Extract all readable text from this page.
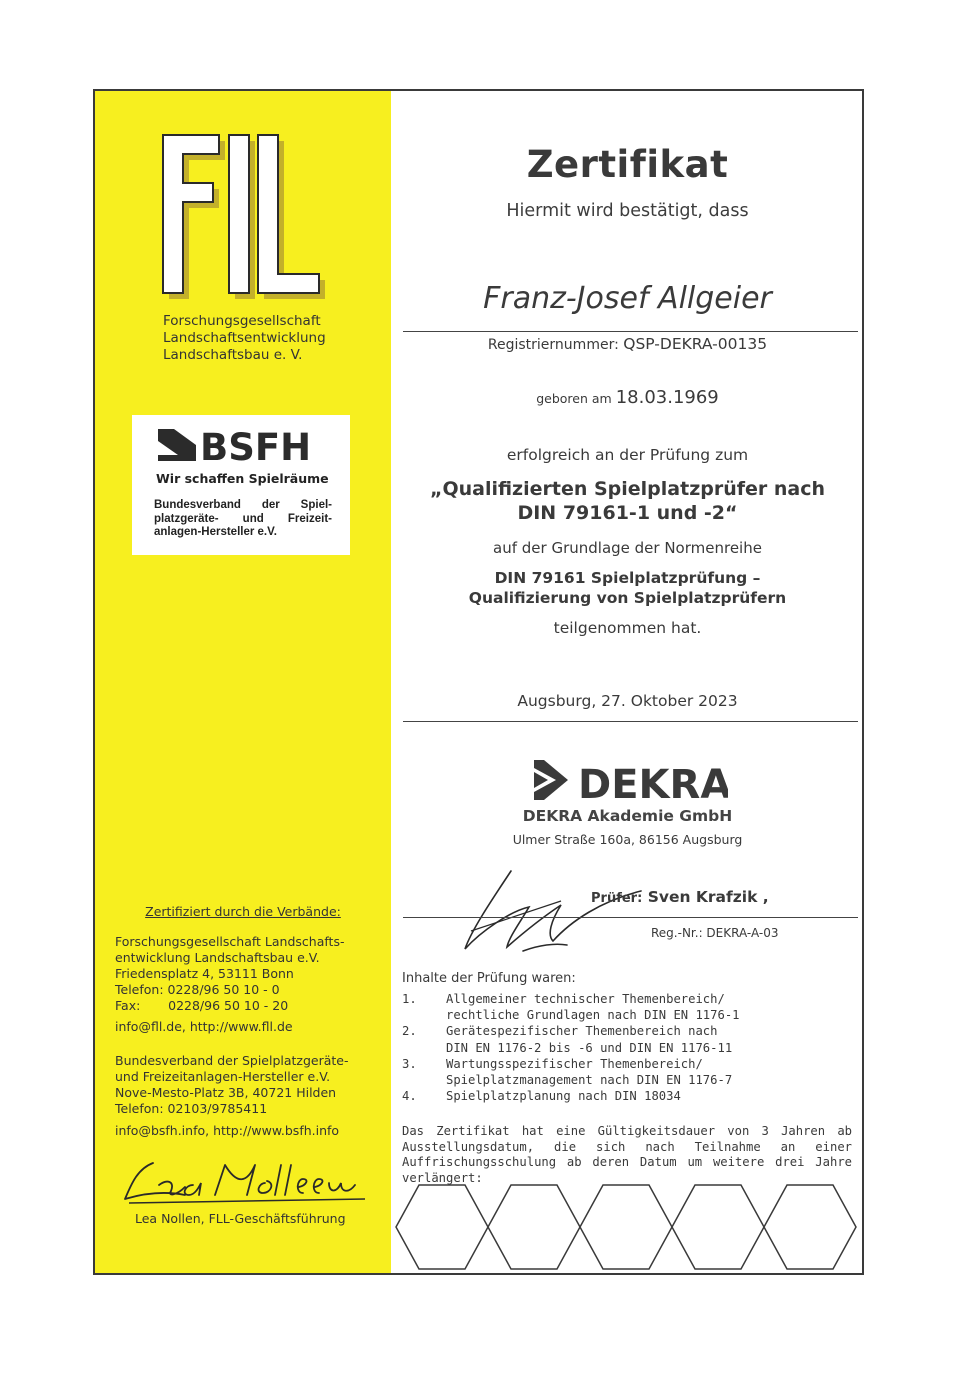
Forschungsgesellschaft
Landschaftsentwicklung
Landschaftsbau e. V.
BSFH
Wir schaffen Spielräume
Bundesverband der Spiel-platzgeräte- und Freizeit-anlagen-Hersteller e.V.
Zertifiziert durch die Verbände:
Forschungsgesellschaft Landschafts-
entwicklung Landschaftsbau e.V.
Friedensplatz 4, 53111 Bonn
Telefon: 0228/96 50 10 - 0
Fax:       0228/96 50 10 - 20
info@fll.de, http://www.fll.de
Bundesverband der Spielplatzgeräte-
und Freizeitanlagen-Hersteller e.V.
Nove-Mesto-Platz 3B, 40721 Hilden
Telefon: 02103/9785411
info@bsfh.info, http://www.bsfh.info
Lea Nollen, FLL-Geschäftsführung
Zertifikat
Hiermit wird bestätigt, dass
Franz-Josef Allgeier
Registriernummer: QSP-DEKRA-00135
geboren am 18.03.1969
erfolgreich an der Prüfung zum
„Qualifizierten Spielplatzprüfer nach
DIN 79161-1 und -2“
auf der Grundlage der Normenreihe
DIN 79161 Spielplatzprüfung –
Qualifizierung von Spielplatzprüfern
teilgenommen hat.
Augsburg, 27. Oktober 2023
DEKRA
DEKRA Akademie GmbH
Ulmer Straße 160a, 86156 Augsburg
Prüfer: Sven Krafzik ,
Reg.-Nr.: DEKRA-A-03
Inhalte der Prüfung waren:
1. Allgemeiner technischer Themenbereich/
rechtliche Grundlagen nach DIN EN 1176-1
2. Gerätespezifischer Themenbereich nach
DIN EN 1176-2 bis -6 und DIN EN 1176-11
3. Wartungsspezifischer Themenbereich/
Spielplatzmanagement nach DIN EN 1176-7
4. Spielplatzplanung nach DIN 18034
Das Zertifikat hat eine Gültigkeitsdauer von 3 Jahren ab Ausstellungsdatum, die sich nach Teilnahme an einer Auffrischungsschulung ab deren Datum um weitere drei Jahre verlängert:
